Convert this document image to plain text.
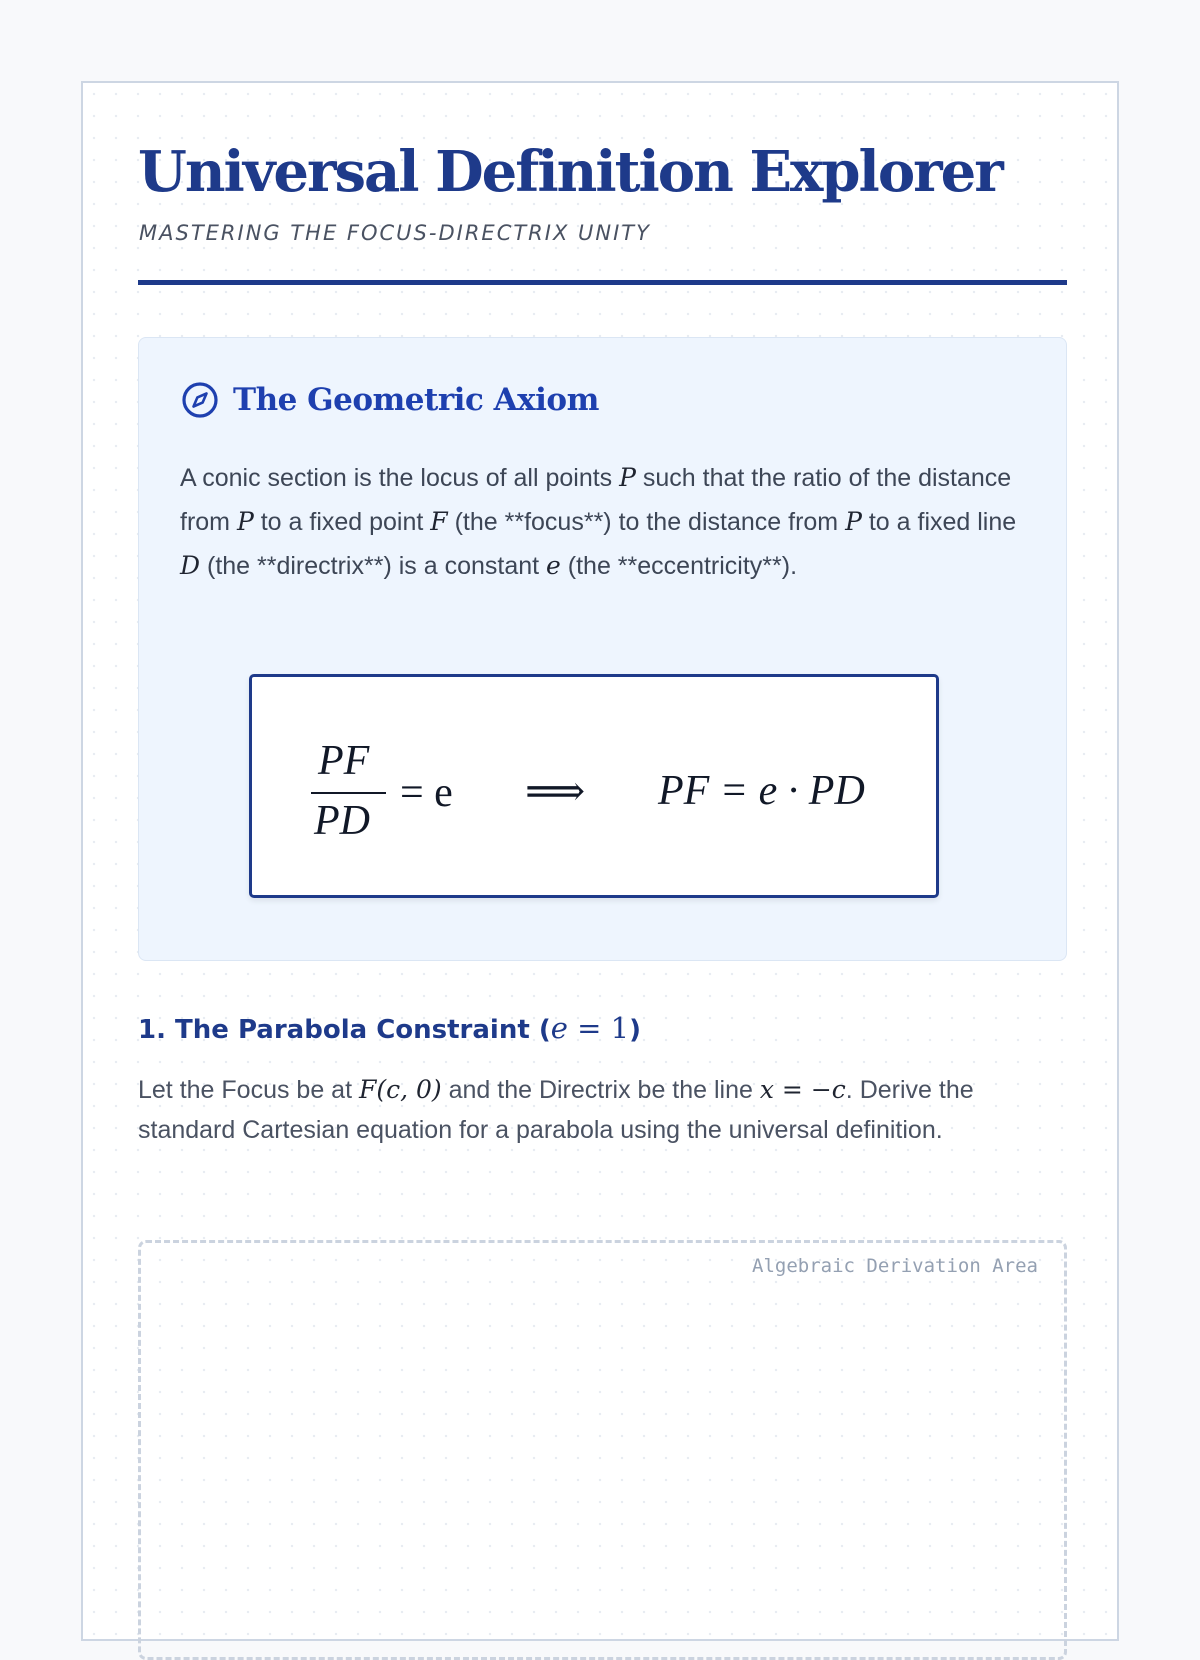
Universal Definition Explorer
MASTERING THE FOCUS-DIRECTRIX UNITY
The Geometric Axiom

A conic section is the locus of all points P such that the ratio of the distance from P to a fixed point F (the **focus**) to the distance from P to a fixed line D (the **directrix**) is a constant e (the **eccentricity**).

PF
PD
= e ⟹ PF = e · PD
1. The Parabola Constraint (e = 1)

Let the Focus be at F(c, 0) and the Directrix be the line x = −c. Derive the standard Cartesian equation for a parabola using the universal definition.

Algebraic Derivation Area
